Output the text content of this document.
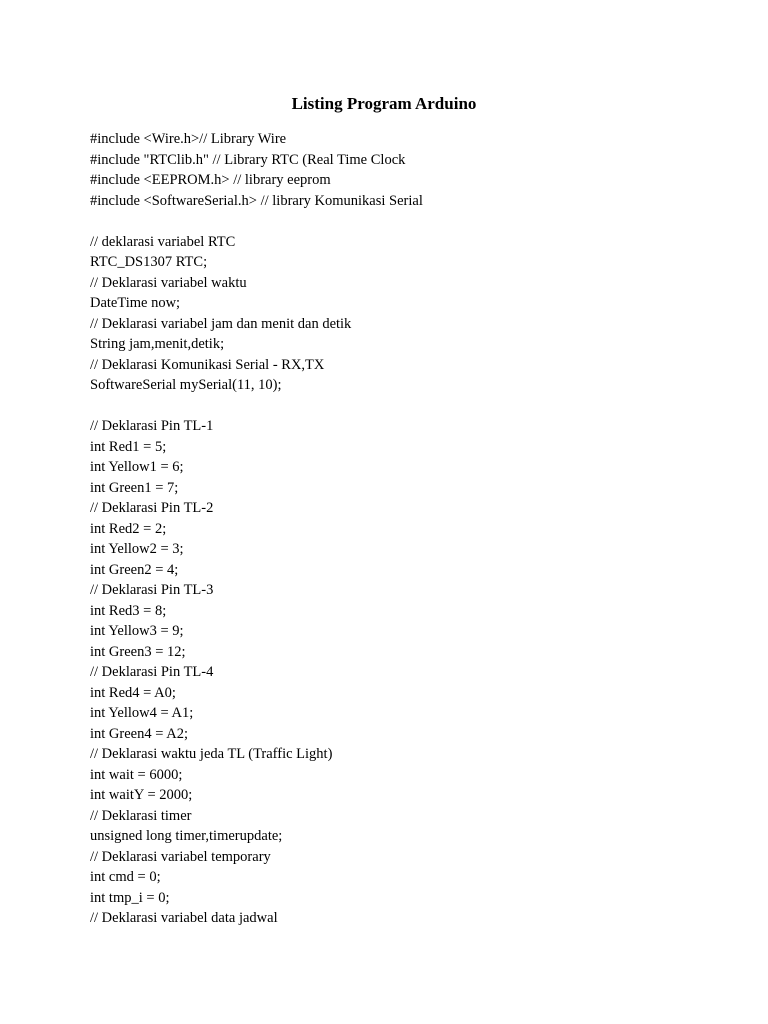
Listing Program Arduino
#include <Wire.h>// Library Wire
#include "RTClib.h" // Library RTC (Real Time Clock
#include <EEPROM.h> // library eeprom
#include <SoftwareSerial.h> // library Komunikasi Serial
// deklarasi variabel RTC
RTC_DS1307 RTC;
// Deklarasi variabel waktu
DateTime now;
// Deklarasi variabel jam dan menit dan detik
String jam,menit,detik;
// Deklarasi Komunikasi Serial - RX,TX
SoftwareSerial mySerial(11, 10);
// Deklarasi Pin TL-1
int Red1 = 5;
int Yellow1 = 6;
int Green1 = 7;
// Deklarasi Pin TL-2
int Red2 = 2;
int Yellow2 = 3;
int Green2 = 4;
// Deklarasi Pin TL-3
int Red3 = 8;
int Yellow3 = 9;
int Green3 = 12;
// Deklarasi Pin TL-4
int Red4 = A0;
int Yellow4 = A1;
int Green4 = A2;
// Deklarasi waktu jeda TL (Traffic Light)
int wait = 6000;
int waitY = 2000;
// Deklarasi timer
unsigned long timer,timerupdate;
// Deklarasi variabel temporary
int cmd = 0;
int tmp_i = 0;
// Deklarasi variabel data jadwal
